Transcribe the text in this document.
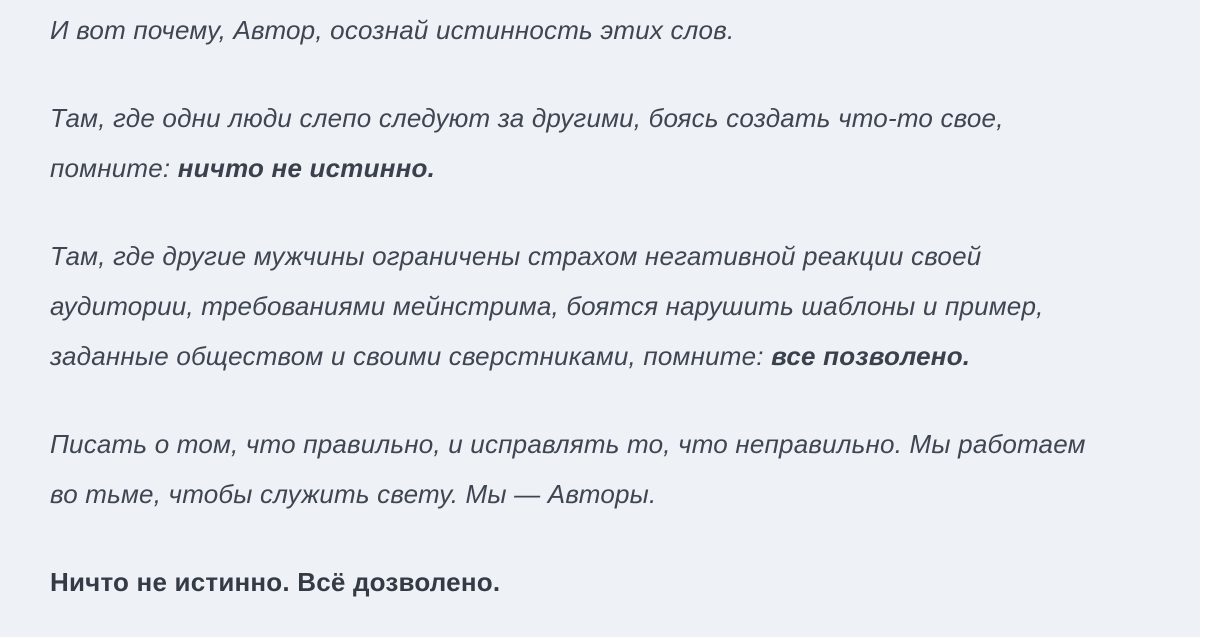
И вот почему, Автор, осознай истинность этих слов.

Там, где одни люди слепо следуют за другими, боясь создать что-то свое,
помните: ничто не истинно.

Там, где другие мужчины ограничены страхом негативной реакции своей
аудитории, требованиями мейнстрима, боятся нарушить шаблоны и пример,
заданные обществом и своими сверстниками, помните: все позволено.

Писать о том, что правильно, и исправлять то, что неправильно. Мы работаем
во тьме, чтобы служить свету. Мы — Авторы.

Ничто не истинно. Всё дозволено.
